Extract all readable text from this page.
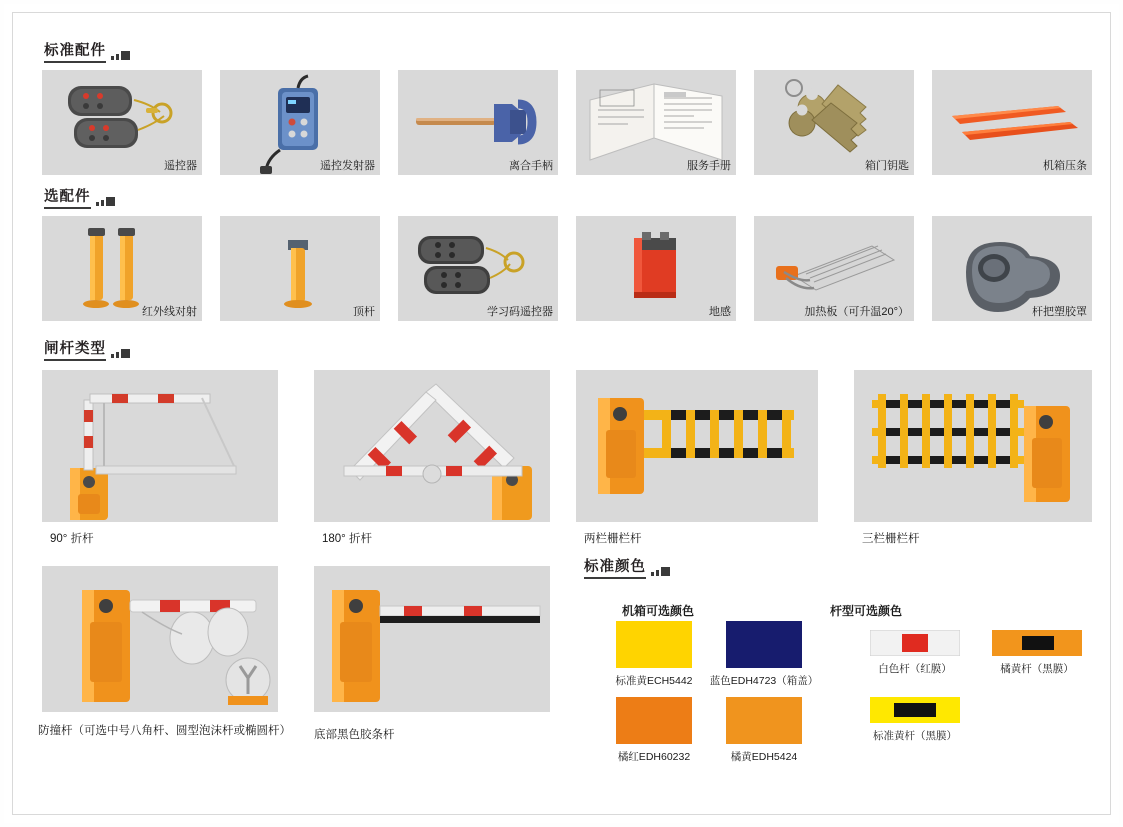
标准配件
遥控器	遥控发射器	离合手柄	服务手册	箱门钥匙	机箱压条
选配件
红外线对射	顶杆	学习码遥控器	地感	加热板（可升温20°）	杆把塑胶罩
闸杆类型
90° 折杆	180° 折杆	两栏栅栏杆	三栏栅栏杆
防撞杆（可选中号八角杆、圆型泡沫杆或椭圆杆） 底部黑色胶条杆
标准颜色
机箱可选颜色	杆型可选颜色
标准黄ECH5442 蓝色EDH4723（箱盖）
橘红EDH60232	橘黄EDH5424
白色杆（红膜）	橘黄杆（黑膜）
标准黄杆（黑膜）
